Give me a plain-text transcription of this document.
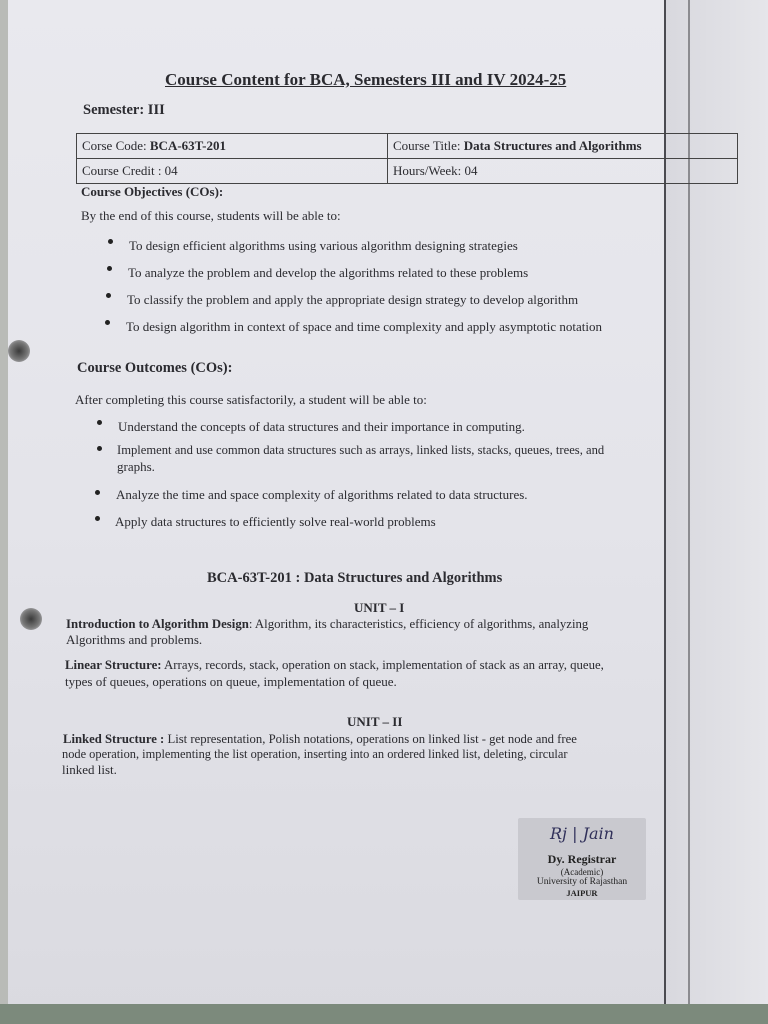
Course Content for BCA, Semesters III and IV 2024-25
Semester: III
Corse Code: BCA-63T-201	Course Title: Data Structures and Algorithms
Course Credit : 04	Hours/Week: 04
Course Objectives (COs):
By the end of this course, students will be able to:
To design efficient algorithms using various algorithm designing strategies
To analyze the problem and develop the algorithms related to these problems
To classify the problem and apply the appropriate design strategy to develop algorithm
To design algorithm in context of space and time complexity and apply asymptotic notation
Course Outcomes (COs):
After completing this course satisfactorily, a student will be able to:
Understand the concepts of data structures and their importance in computing.
Implement and use common data structures such as arrays, linked lists, stacks, queues, trees, and
graphs.
Analyze the time and space complexity of algorithms related to data structures.
Apply data structures to efficiently solve real-world problems
BCA-63T-201 : Data Structures and Algorithms
UNIT – I
Introduction to Algorithm Design: Algorithm, its characteristics, efficiency of algorithms, analyzing
Algorithms and problems.
Linear Structure: Arrays, records, stack, operation on stack, implementation of stack as an array, queue,
types of queues, operations on queue, implementation of queue.
UNIT – II
Linked Structure : List representation, Polish notations, operations on linked list - get node and free
node operation, implementing the list operation, inserting into an ordered linked list, deleting, circular
linked list.
Rj | Jain
Dy. Registrar
(Academic)
University of Rajasthan
JAIPUR
